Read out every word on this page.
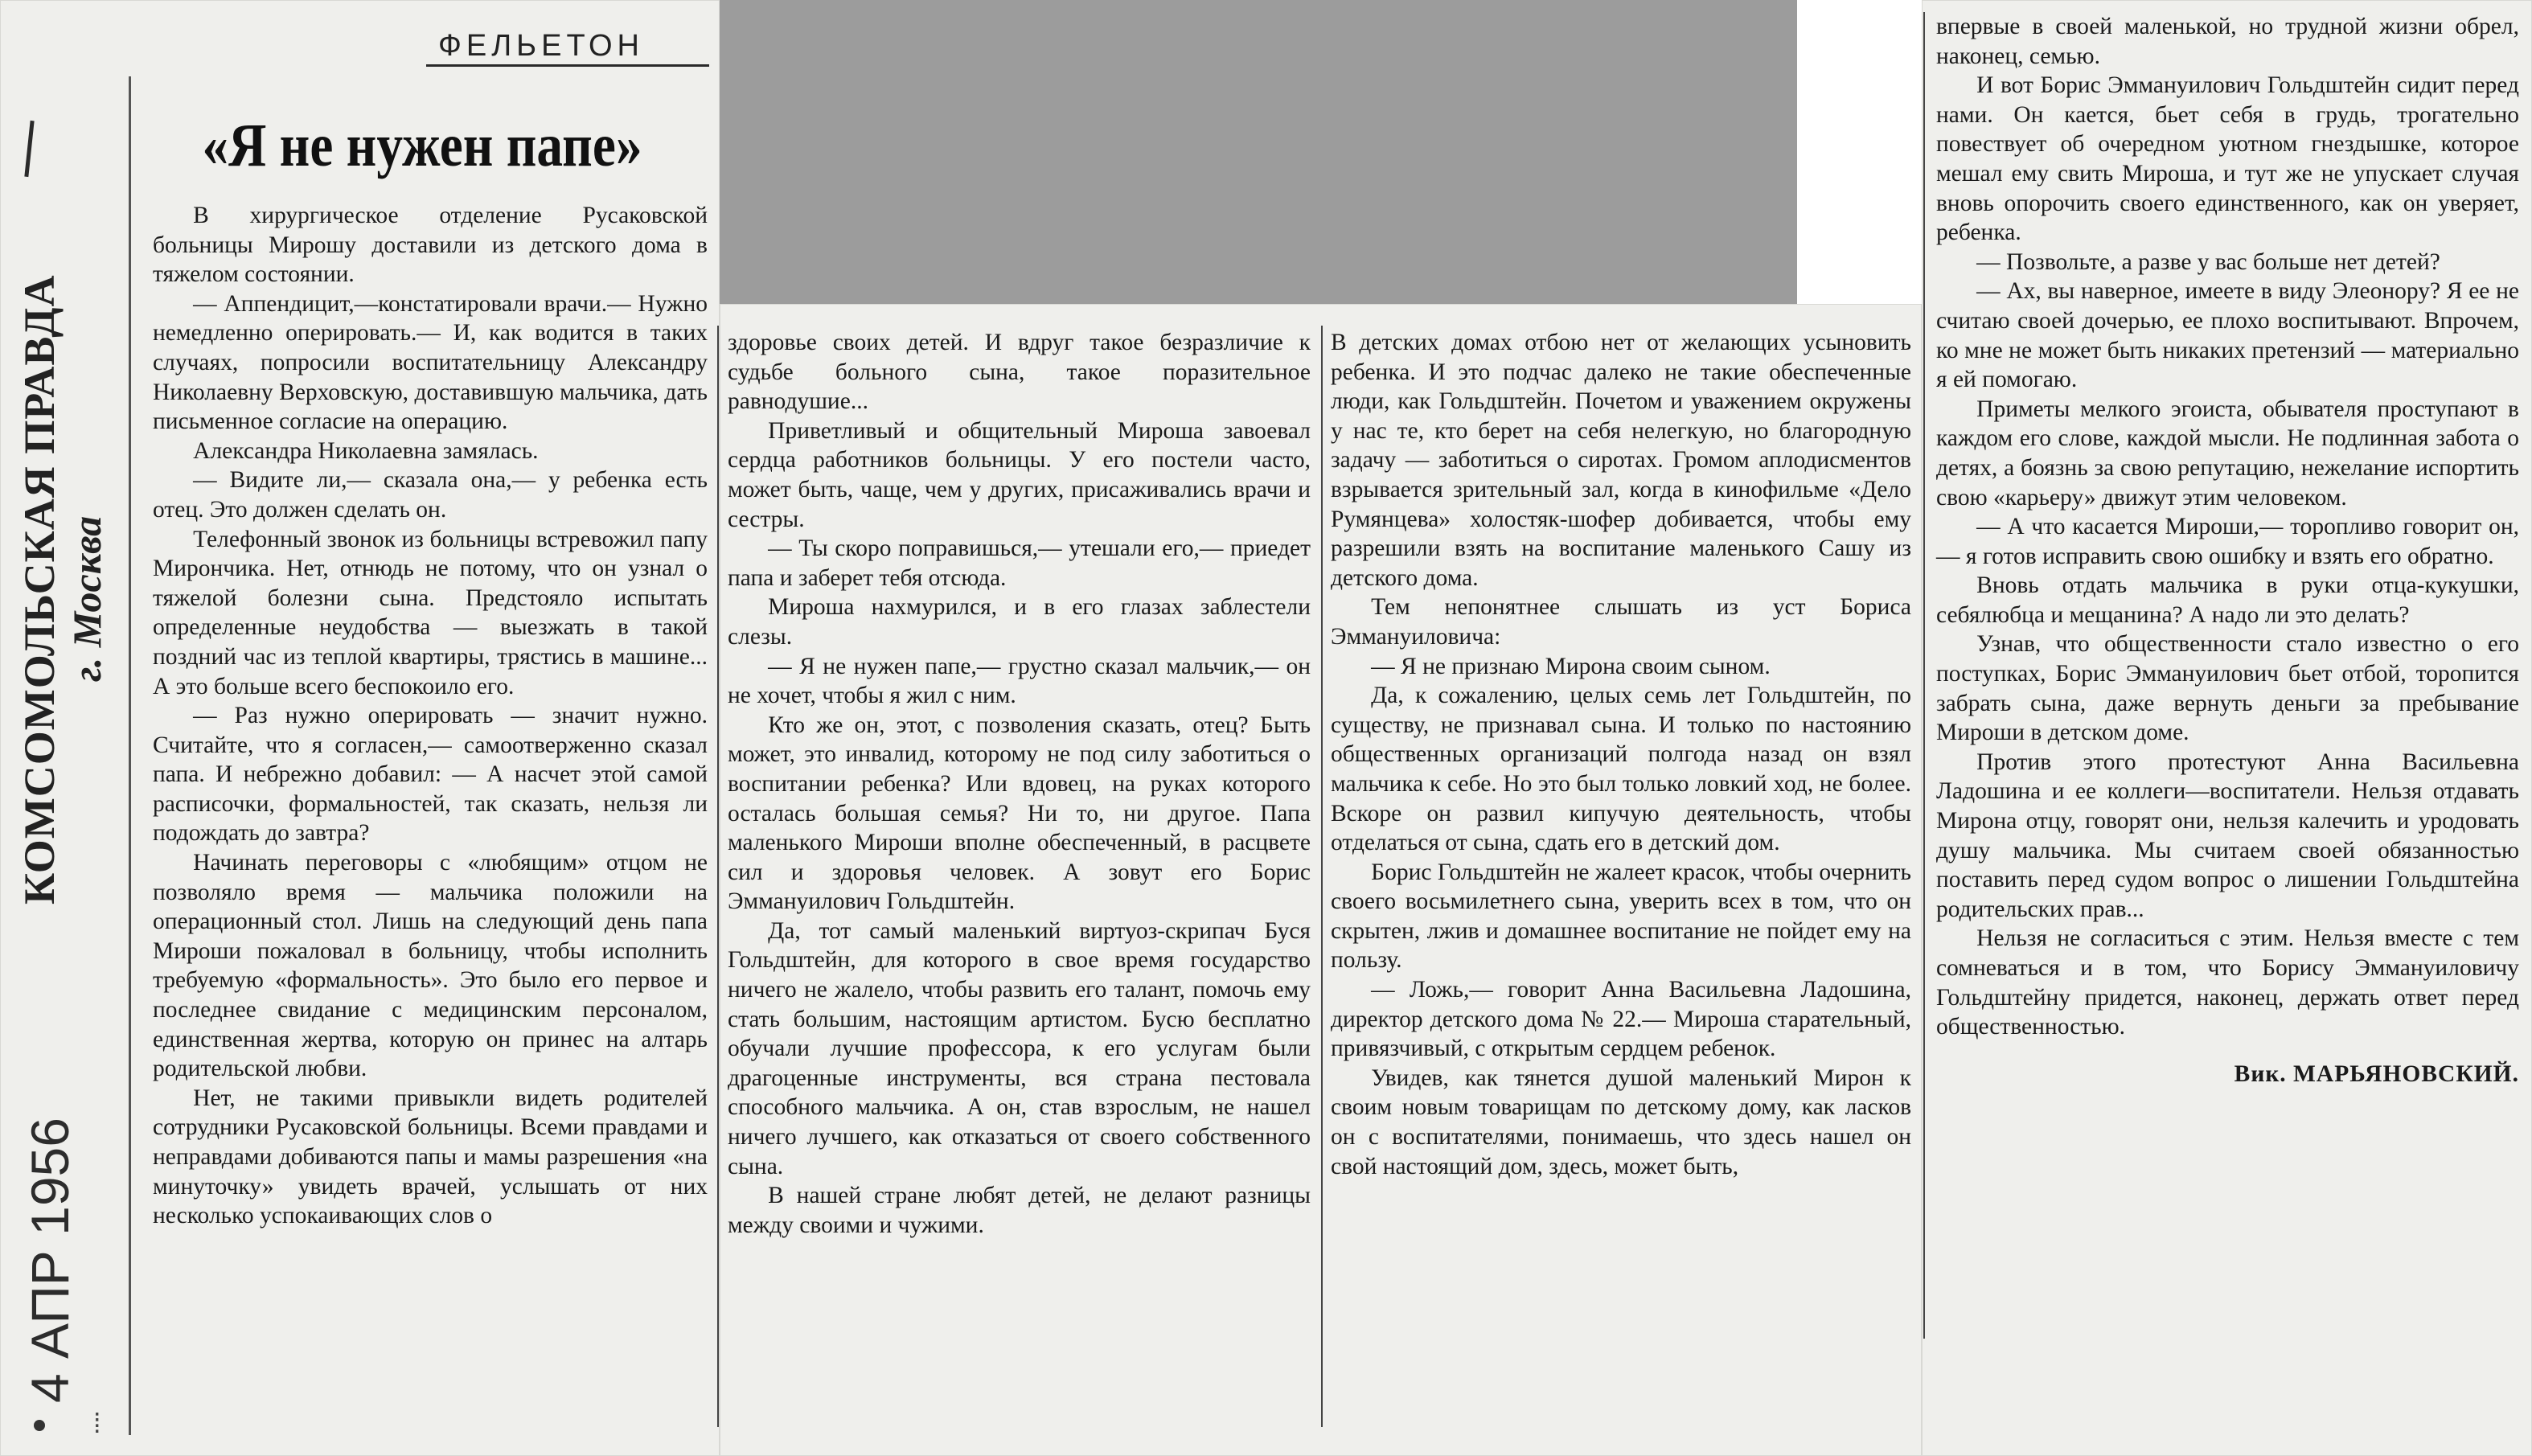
КОМСОМОЛЬСКАЯ ПРАВДА г. Москва
4 АПР 1956
⁞
ФЕЛЬЕТОН
«Я не нужен папе»

В хирургическое отделение Русаковской больницы Мирошу доставили из детского дома в тяжелом состоянии.

— Аппендицит,—констатировали врачи.— Нужно немедленно оперировать.— И, как водится в таких случаях, попросили воспитательницу Александру Николаевну Верховскую, доставившую мальчика, дать письменное согласие на операцию.

Александра Николаевна замялась.

— Видите ли,— сказала она,— у ребенка есть отец. Это должен сделать он.

Телефонный звонок из больницы встревожил папу Мирончика. Нет, отнюдь не потому, что он узнал о тяжелой болезни сына. Предстояло испытать определенные неудобства — выезжать в такой поздний час из теплой квартиры, трястись в машине... А это больше всего беспокоило его.

— Раз нужно оперировать — значит нужно. Считайте, что я согласен,— самоотверженно сказал папа. И небрежно добавил: — А насчет этой самой расписочки, формальностей, так сказать, нельзя ли подождать до завтра?

Начинать переговоры с «любящим» отцом не позволяло время — мальчика положили на операционный стол. Лишь на следующий день папа Мироши пожаловал в больницу, чтобы исполнить требуемую «формальность». Это было его первое и последнее свидание с медицинским персоналом, единственная жертва, которую он принес на алтарь родительской любви.

Нет, не такими привыкли видеть родителей сотрудники Русаковской больницы. Всеми правдами и неправдами добиваются папы и мамы разрешения «на минуточку» увидеть врачей, услышать от них несколько успокаивающих слов о

здоровье своих детей. И вдруг такое безразличие к судьбе больного сына, такое поразительное равнодушие...

Приветливый и общительный Мироша завоевал сердца работников больницы. У его постели часто, может быть, чаще, чем у других, присаживались врачи и сестры.

— Ты скоро поправишься,— утешали его,— приедет папа и заберет тебя отсюда.

Мироша нахмурился, и в его глазах заблестели слезы.

— Я не нужен папе,— грустно сказал мальчик,— он не хочет, чтобы я жил с ним.

Кто же он, этот, с позволения сказать, отец? Быть может, это инвалид, которому не под силу заботиться о воспитании ребенка? Или вдовец, на руках которого осталась большая семья? Ни то, ни другое. Папа маленького Мироши вполне обеспеченный, в расцвете сил и здоровья человек. А зовут его Борис Эммануилович Гольдштейн.

Да, тот самый маленький виртуоз-скрипач Буся Гольдштейн, для которого в свое время государство ничего не жалело, чтобы развить его талант, помочь ему стать большим, настоящим артистом. Бусю бесплатно обучали лучшие профессора, к его услугам были драгоценные инструменты, вся страна пестовала способного мальчика. А он, став взрослым, не нашел ничего лучшего, как отказаться от своего собственного сына.

В нашей стране любят детей, не делают разницы между своими и чужими.

В детских домах отбою нет от желающих усыновить ребенка. И это подчас далеко не такие обеспеченные люди, как Гольдштейн. Почетом и уважением окружены у нас те, кто берет на себя нелегкую, но благородную задачу — заботиться о сиротах. Громом аплодисментов взрывается зрительный зал, когда в кинофильме «Дело Румянцева» холостяк-шофер добивается, чтобы ему разрешили взять на воспитание маленького Сашу из детского дома.

Тем непонятнее слышать из уст Бориса Эммануиловича:

— Я не признаю Мирона своим сыном.

Да, к сожалению, целых семь лет Гольдштейн, по существу, не признавал сына. И только по настоянию общественных организаций полгода назад он взял мальчика к себе. Но это был только ловкий ход, не более. Вскоре он развил кипучую деятельность, чтобы отделаться от сына, сдать его в детский дом.

Борис Гольдштейн не жалеет красок, чтобы очернить своего восьмилетнего сына, уверить всех в том, что он скрытен, лжив и домашнее воспитание не пойдет ему на пользу.

— Ложь,— говорит Анна Васильевна Ладошина, директор детского дома № 22.— Мироша старательный, привязчивый, с открытым сердцем ребенок.

Увидев, как тянется душой маленький Мирон к своим новым товарищам по детскому дому, как ласков он с воспитателями, понимаешь, что здесь нашел он свой настоящий дом, здесь, может быть,

впервые в своей маленькой, но трудной жизни обрел, наконец, семью.

И вот Борис Эммануилович Гольдштейн сидит перед нами. Он кается, бьет себя в грудь, трогательно повествует об очередном уютном гнездышке, которое мешал ему свить Мироша, и тут же не упускает случая вновь опорочить своего единственного, как он уверяет, ребенка.

— Позвольте, а разве у вас больше нет детей?

— Ах, вы наверное, имеете в виду Элеонору? Я ее не считаю своей дочерью, ее плохо воспитывают. Впрочем, ко мне не может быть никаких претензий — материально я ей помогаю.

Приметы мелкого эгоиста, обывателя проступают в каждом его слове, каждой мысли. Не подлинная забота о детях, а боязнь за свою репутацию, нежелание испортить свою «карьеру» движут этим человеком.

— А что касается Мироши,— торопливо говорит он,— я готов исправить свою ошибку и взять его обратно.

Вновь отдать мальчика в руки отца-кукушки, себялюбца и мещанина? А надо ли это делать?

Узнав, что общественности стало известно о его поступках, Борис Эммануилович бьет отбой, торопится забрать сына, даже вернуть деньги за пребывание Мироши в детском доме.

Против этого протестуют Анна Васильевна Ладошина и ее коллеги—воспитатели. Нельзя отдавать Мирона отцу, говорят они, нельзя калечить и уродовать душу мальчика. Мы считаем своей обязанностью поставить перед судом вопрос о лишении Гольдштейна родительских прав...

Нельзя не согласиться с этим. Нельзя вместе с тем сомневаться и в том, что Борису Эммануиловичу Гольдштейну придется, наконец, держать ответ перед общественностью.

Вик. МАРЬЯНОВСКИЙ.
